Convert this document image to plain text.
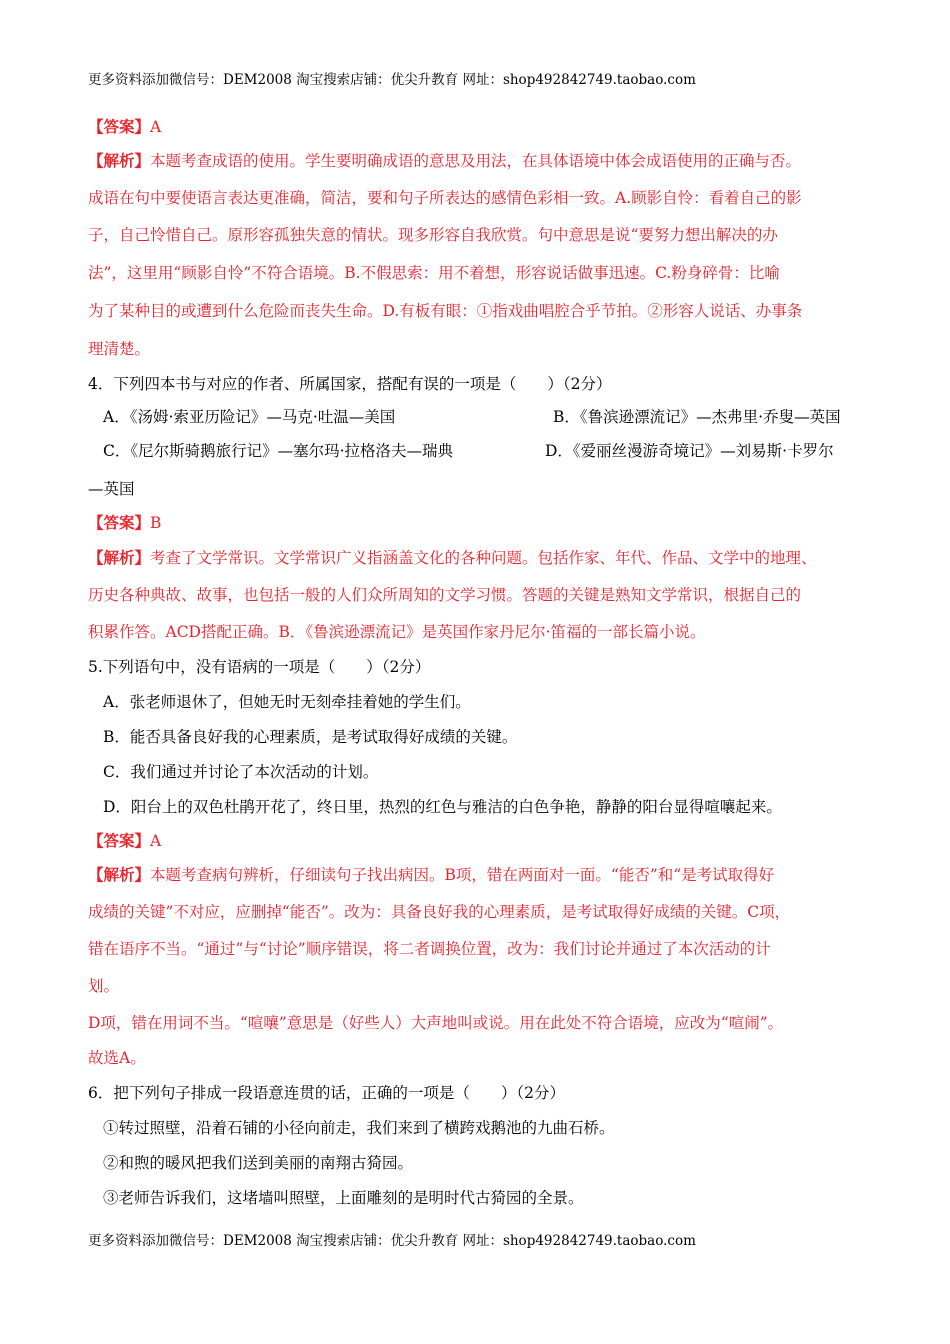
更多资料添加微信号：DEM2008 淘宝搜索店铺：优尖升教育 网址：shop492842749.taobao.com
【答案】A
【解析】本题考查成语的使用。学生要明确成语的意思及用法，在具体语境中体会成语使用的正确与否。
成语在句中要使语言表达更准确，简洁，要和句子所表达的感情色彩相一致。A.顾影自怜：看着自己的影
子，自己怜惜自己。原形容孤独失意的情状。现多形容自我欣赏。句中意思是说“要努力想出解决的办
法”，这里用“顾影自怜”不符合语境。B.不假思索：用不着想，形容说话做事迅速。C.粉身碎骨：比喻
为了某种目的或遭到什么危险而丧失生命。D.有板有眼：①指戏曲唱腔合乎节拍。②形容人说话、办事条
理清楚。
4．下列四本书与对应的作者、所属国家，搭配有误的一项是（　　）（2分）
A．《汤姆·索亚历险记》—马克·吐温—美国	B．《鲁滨逊漂流记》—杰弗里·乔叟—英国
C．《尼尔斯骑鹅旅行记》—塞尔玛·拉格洛夫—瑞典	D．《爱丽丝漫游奇境记》—刘易斯·卡罗尔
—英国
【答案】B
【解析】考查了文学常识。文学常识广义指涵盖文化的各种问题。包括作家、年代、作品、文学中的地理、
历史各种典故、故事，也包括一般的人们众所周知的文学习惯。答题的关键是熟知文学常识，根据自己的
积累作答。ACD搭配正确。B．《鲁滨逊漂流记》是英国作家丹尼尔·笛福的一部长篇小说。
5.下列语句中，没有语病的一项是（　　）（2分）
A．张老师退休了，但她无时无刻牵挂着她的学生们。
B．能否具备良好我的心理素质，是考试取得好成绩的关键。
C．我们通过并讨论了本次活动的计划。
D．阳台上的双色杜鹃开花了，终日里，热烈的红色与雅洁的白色争艳，静静的阳台显得喧嚷起来。
【答案】A
【解析】本题考查病句辨析，仔细读句子找出病因。B项，错在两面对一面。“能否”和“是考试取得好
成绩的关键”不对应，应删掉“能否”。改为：具备良好我的心理素质，是考试取得好成绩的关键。C项，
错在语序不当。“通过”与“讨论”顺序错误，将二者调换位置，改为：我们讨论并通过了本次活动的计
划。
D项，错在用词不当。“喧嚷”意思是（好些人）大声地叫或说。用在此处不符合语境，应改为“喧闹”。
故选A。
6．把下列句子排成一段语意连贯的话，正确的一项是（　　）（2分）
①转过照壁，沿着石铺的小径向前走，我们来到了横跨戏鹅池的九曲石桥。
②和煦的暖风把我们送到美丽的南翔古猗园。
③老师告诉我们，这堵墙叫照壁，上面雕刻的是明时代古猗园的全景。
更多资料添加微信号：DEM2008 淘宝搜索店铺：优尖升教育 网址：shop492842749.taobao.com
